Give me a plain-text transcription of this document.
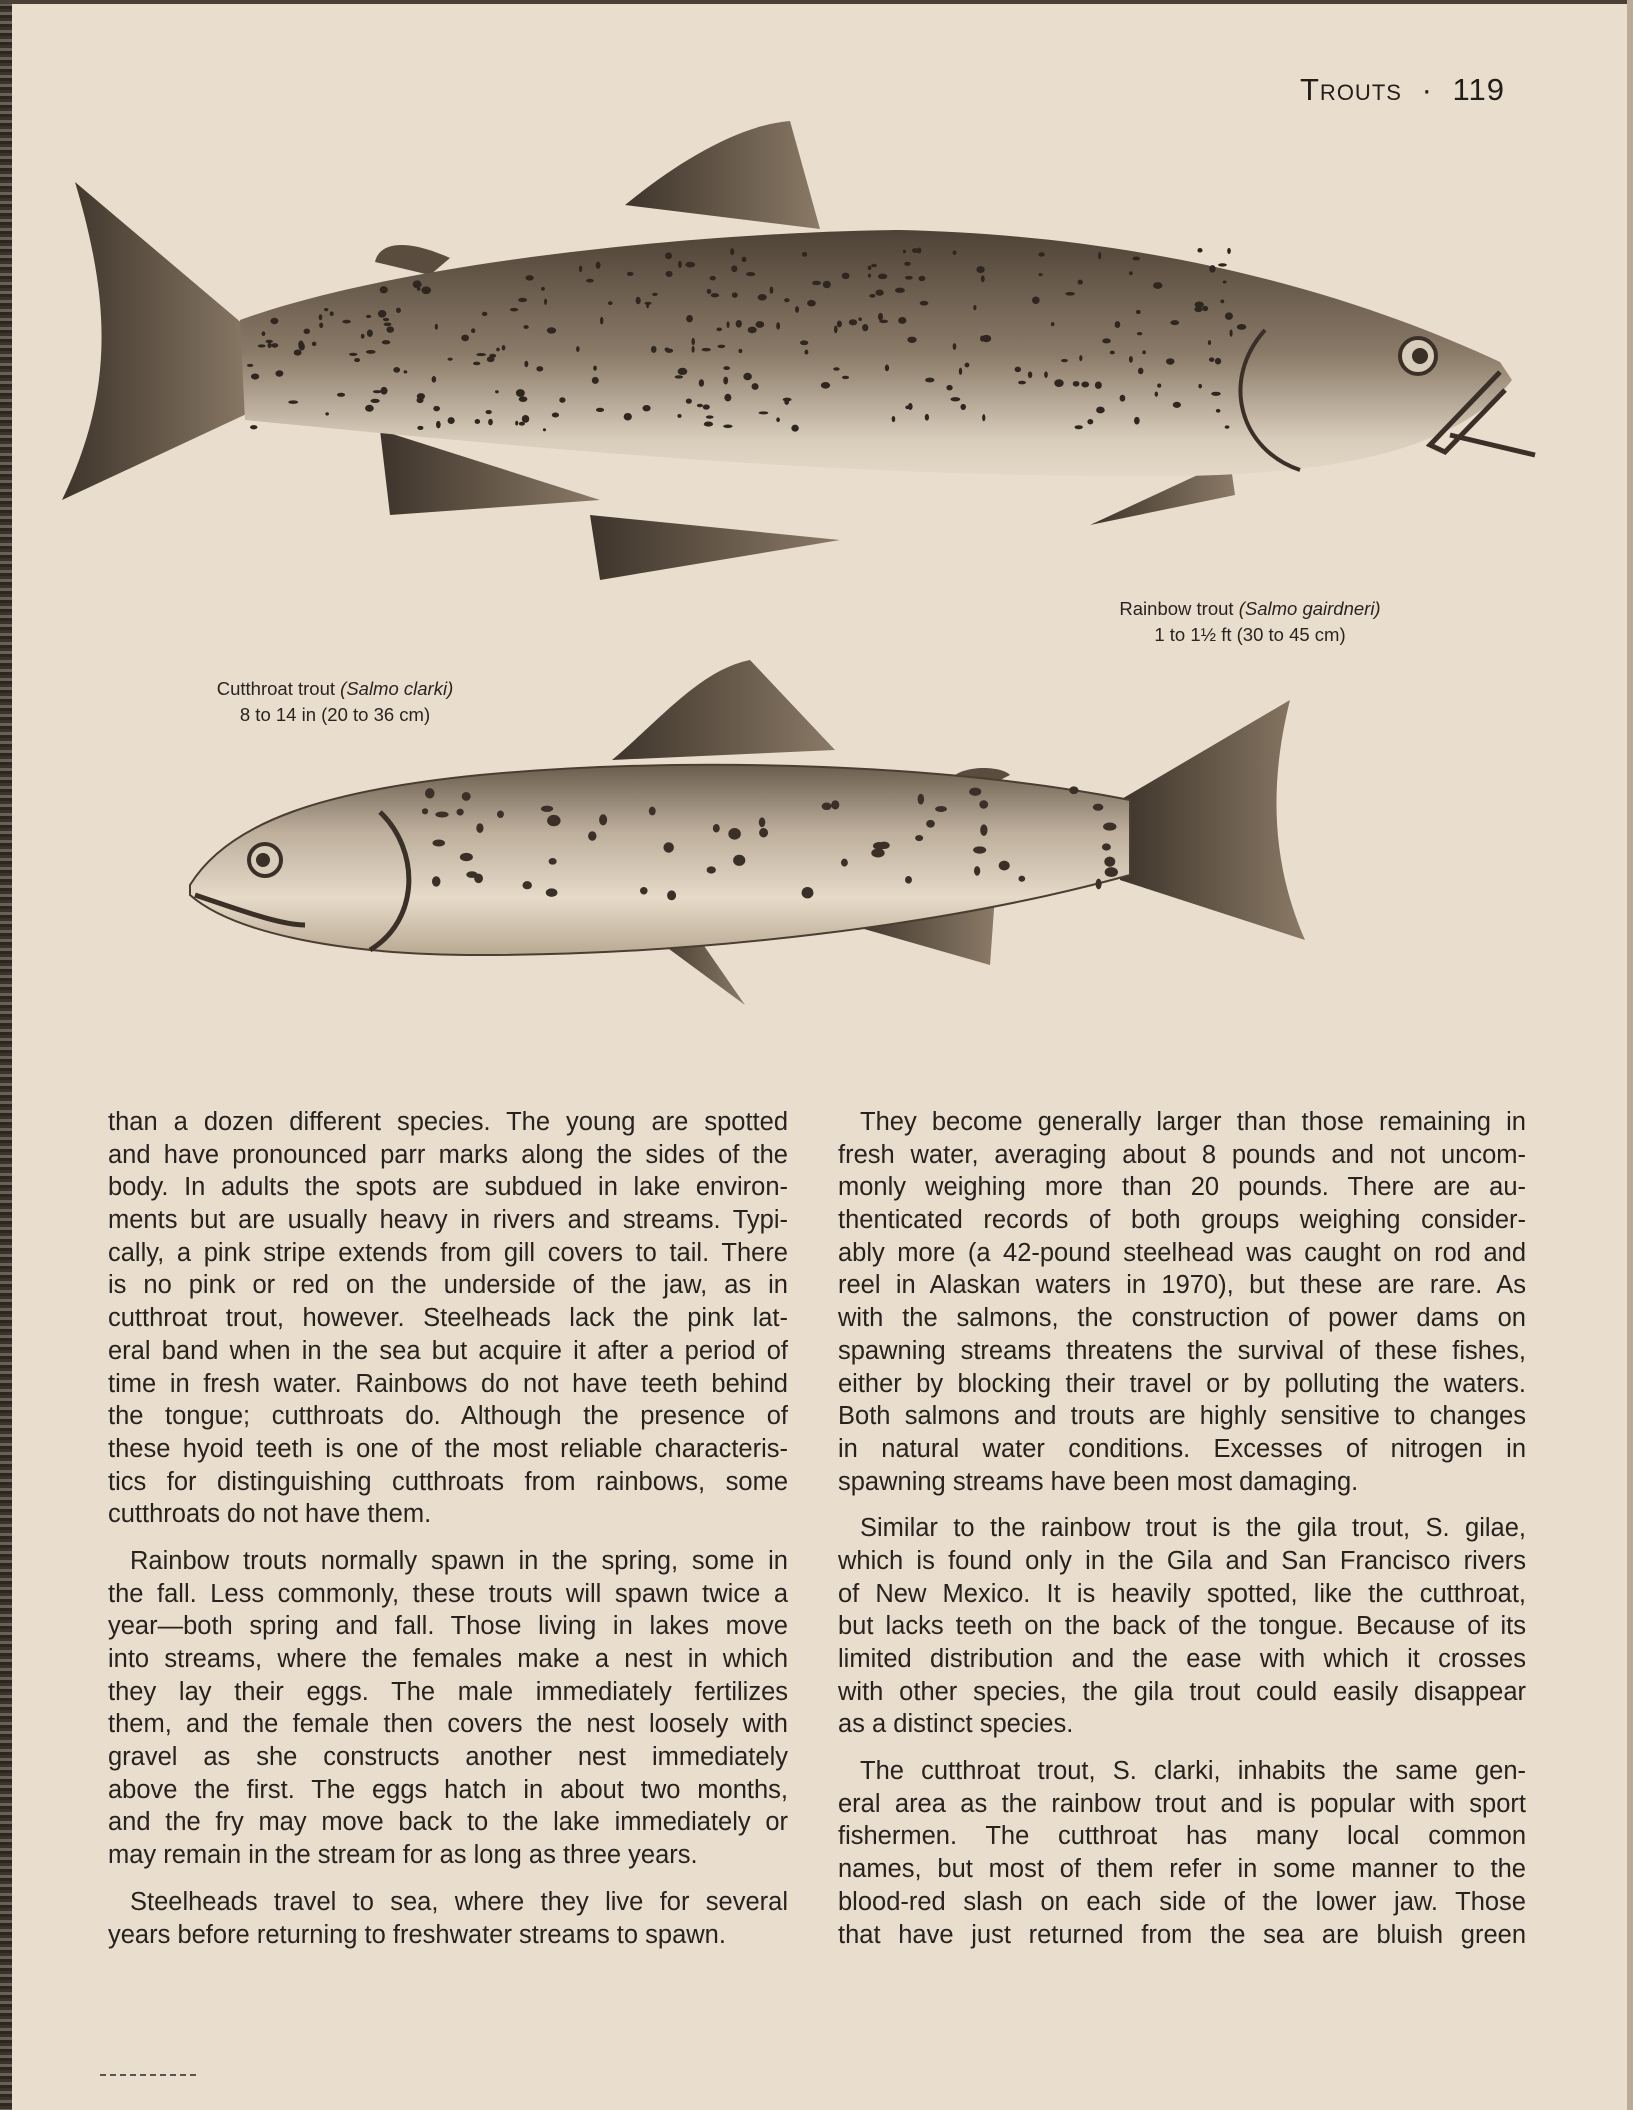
Trouts · 119
Rainbow trout (Salmo gairdneri)
1 to 1½ ft (30 to 45 cm)
Cutthroat trout (Salmo clarki)
8 to 14 in (20 to 36 cm)
than a dozen different species. The young are spotted
and have pronounced parr marks along the sides of the
body. In adults the spots are subdued in lake environ-
ments but are usually heavy in rivers and streams. Typi-
cally, a pink stripe extends from gill covers to tail. There
is no pink or red on the underside of the jaw, as in
cutthroat trout, however. Steelheads lack the pink lat-
eral band when in the sea but acquire it after a period of
time in fresh water. Rainbows do not have teeth behind
the tongue; cutthroats do. Although the presence of
these hyoid teeth is one of the most reliable characteris-
tics for distinguishing cutthroats from rainbows, some
cutthroats do not have them.
Rainbow trouts normally spawn in the spring, some in
the fall. Less commonly, these trouts will spawn twice a
year—both spring and fall. Those living in lakes move
into streams, where the females make a nest in which
they lay their eggs. The male immediately fertilizes
them, and the female then covers the nest loosely with
gravel as she constructs another nest immediately
above the first. The eggs hatch in about two months,
and the fry may move back to the lake immediately or
may remain in the stream for as long as three years.
Steelheads travel to sea, where they live for several
years before returning to freshwater streams to spawn.
They become generally larger than those remaining in
fresh water, averaging about 8 pounds and not uncom-
monly weighing more than 20 pounds. There are au-
thenticated records of both groups weighing consider-
ably more (a 42-pound steelhead was caught on rod and
reel in Alaskan waters in 1970), but these are rare. As
with the salmons, the construction of power dams on
spawning streams threatens the survival of these fishes,
either by blocking their travel or by polluting the waters.
Both salmons and trouts are highly sensitive to changes
in natural water conditions. Excesses of nitrogen in
spawning streams have been most damaging.
Similar to the rainbow trout is the gila trout, S. gilae,
which is found only in the Gila and San Francisco rivers
of New Mexico. It is heavily spotted, like the cutthroat,
but lacks teeth on the back of the tongue. Because of its
limited distribution and the ease with which it crosses
with other species, the gila trout could easily disappear
as a distinct species.
The cutthroat trout, S. clarki, inhabits the same gen-
eral area as the rainbow trout and is popular with sport
fishermen. The cutthroat has many local common
names, but most of them refer in some manner to the
blood-red slash on each side of the lower jaw. Those
that have just returned from the sea are bluish green
